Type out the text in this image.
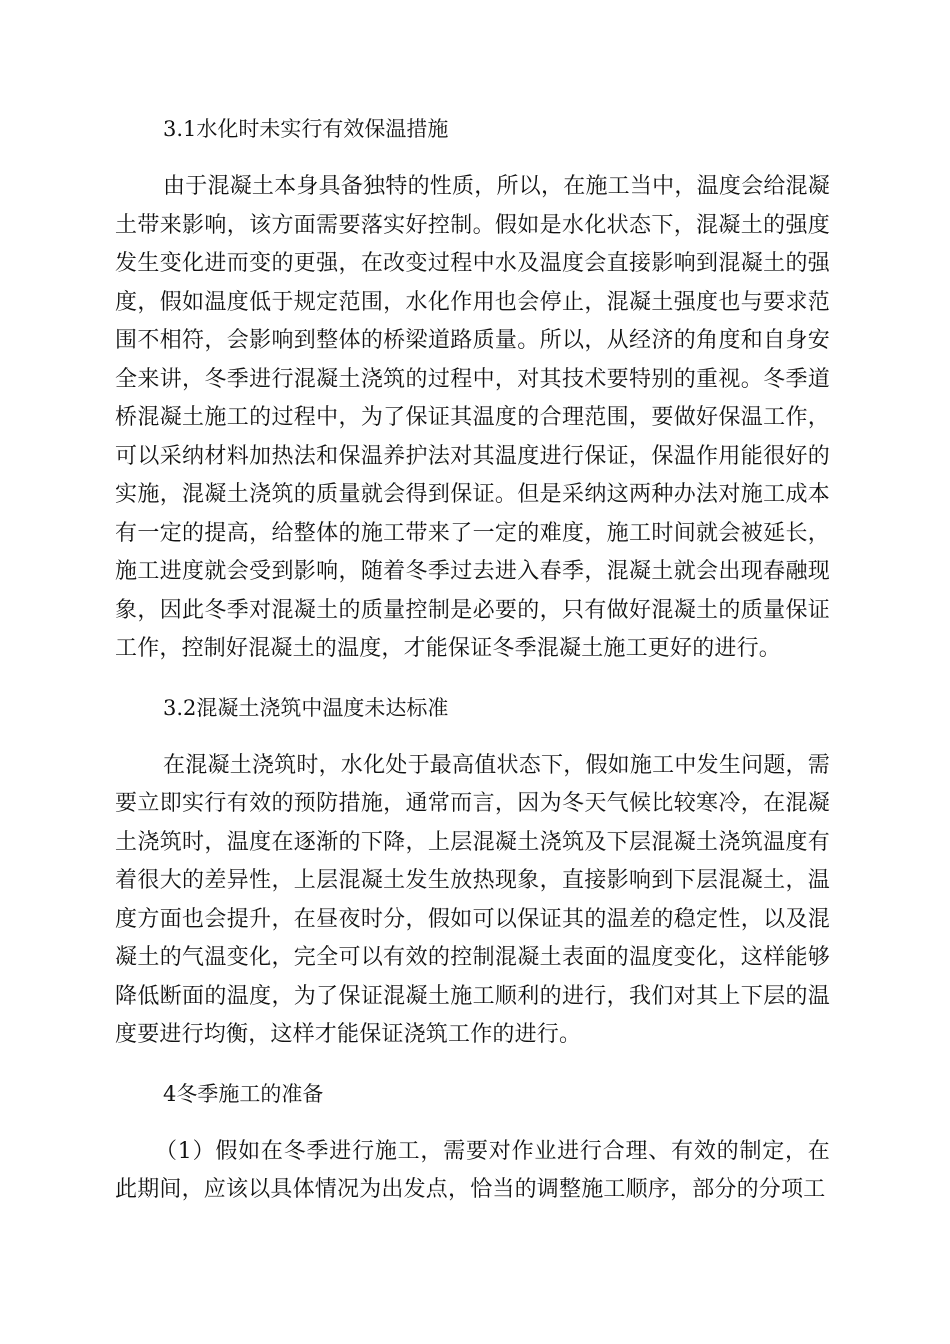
3.1水化时未实行有效保温措施

由于混凝土本身具备独特的性质，所以，在施工当中，温度会给混凝土带来影响，该方面需要落实好控制。假如是水化状态下，混凝土的强度发生变化进而变的更强，在改变过程中水及温度会直接影响到混凝土的强度，假如温度低于规定范围，水化作用也会停止，混凝土强度也与要求范围不相符，会影响到整体的桥梁道路质量。所以，从经济的角度和自身安全来讲，冬季进行混凝土浇筑的过程中，对其技术要特别的重视。冬季道桥混凝土施工的过程中，为了保证其温度的合理范围，要做好保温工作，可以采纳材料加热法和保温养护法对其温度进行保证，保温作用能很好的实施，混凝土浇筑的质量就会得到保证。但是采纳这两种办法对施工成本有一定的提高，给整体的施工带来了一定的难度，施工时间就会被延长，施工进度就会受到影响，随着冬季过去进入春季，混凝土就会出现春融现象，因此冬季对混凝土的质量控制是必要的，只有做好混凝土的质量保证工作，控制好混凝土的温度，才能保证冬季混凝土施工更好的进行。

3.2混凝土浇筑中温度未达标准

在混凝土浇筑时，水化处于最高值状态下，假如施工中发生问题，需要立即实行有效的预防措施，通常而言，因为冬天气候比较寒冷，在混凝土浇筑时，温度在逐渐的下降，上层混凝土浇筑及下层混凝土浇筑温度有着很大的差异性，上层混凝土发生放热现象，直接影响到下层混凝土，温度方面也会提升，在昼夜时分，假如可以保证其的温差的稳定性，以及混凝土的气温变化，完全可以有效的控制混凝土表面的温度变化，这样能够降低断面的温度，为了保证混凝土施工顺利的进行，我们对其上下层的温度要进行均衡，这样才能保证浇筑工作的进行。

4冬季施工的准备

（1）假如在冬季进行施工，需要对作业进行合理、有效的制定，在此期间，应该以具体情况为出发点，恰当的调整施工顺序，部分的分项工
